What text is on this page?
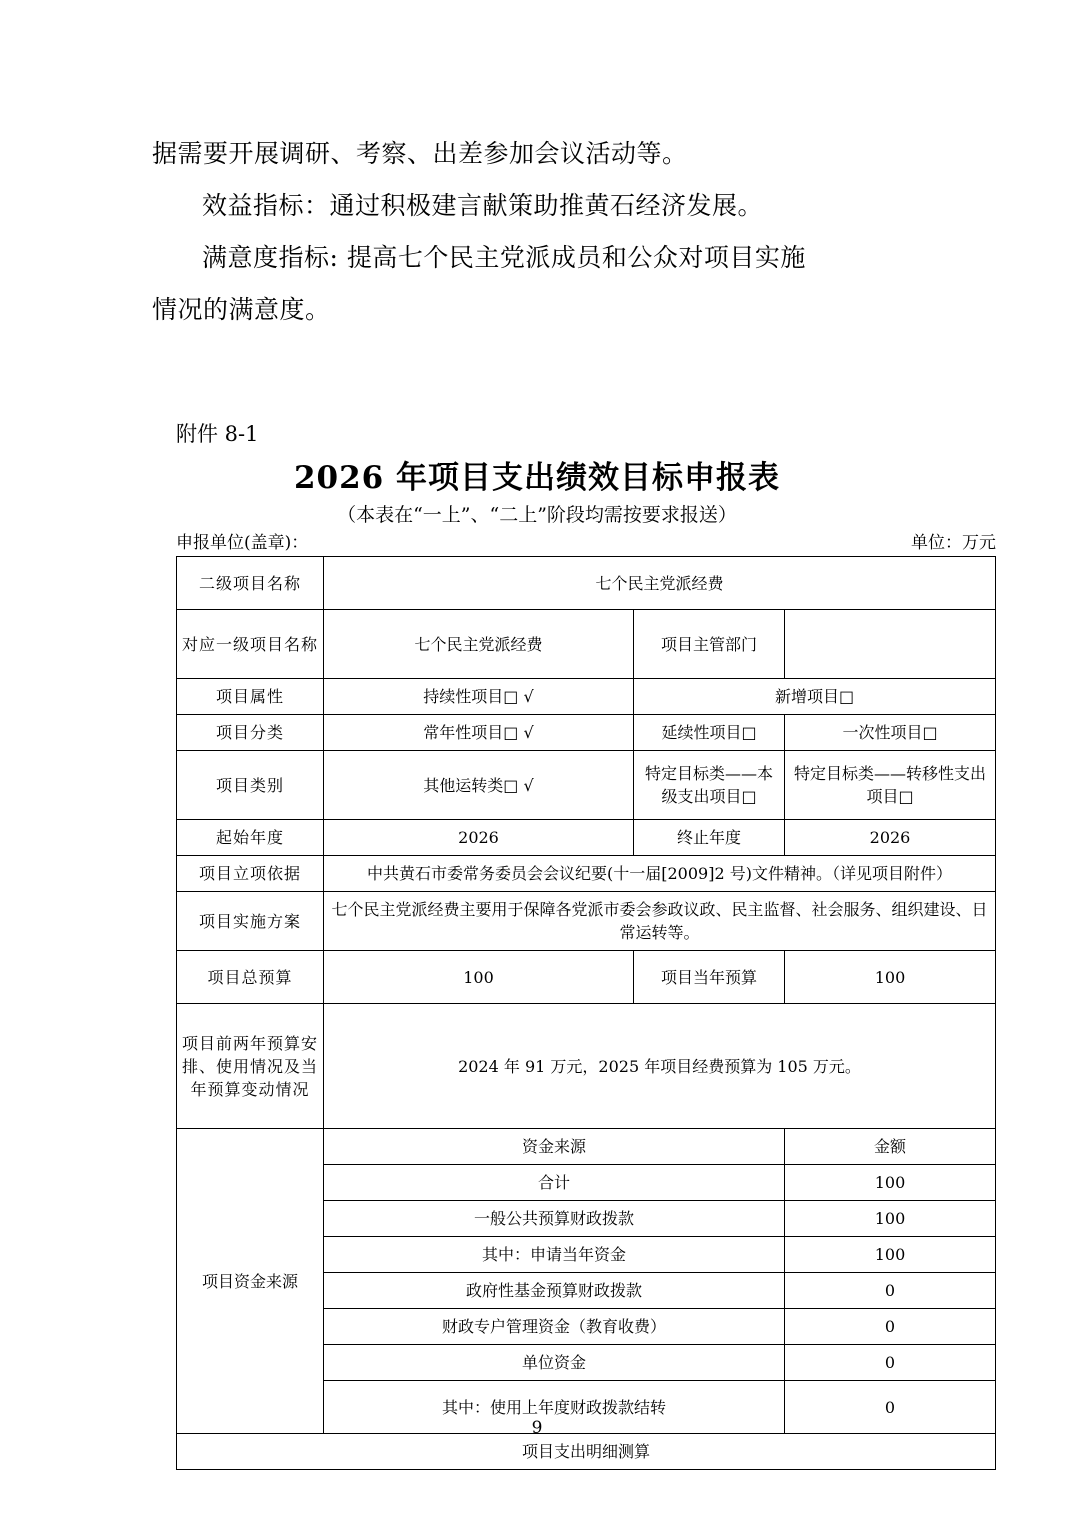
据需要开展调研、考察、出差参加会议活动等。

效益指标：通过积极建言献策助推黄石经济发展。

满意度指标: 提高七个民主党派成员和公众对项目实施

情况的满意度。

附件 8-1
2026 年项目支出绩效目标申报表
（本表在“一上”、“二上”阶段均需按要求报送）
申报单位(盖章)：	单位：万元
二级项目名称	七个民主党派经费		
对应一级项目名称	七个民主党派经费	项目主管部门	
项目属性	持续性项目□ √	新增项目□	
项目分类	常年性项目□ √	延续性项目□	一次性项目□
项目类别	其他运转类□ √	特定目标类——本级支出项目□	特定目标类——转移性支出项目□
起始年度	2026	终止年度	2026
项目立项依据	中共黄石市委常务委员会会议纪要(十一届[2009]2 号)文件精神。（详见项目附件）		
项目实施方案	七个民主党派经费主要用于保障各党派市委会参政议政、民主监督、社会服务、组织建设、日常运转等。		
项目总预算	100	项目当年预算	100
项目前两年预算安排、使用情况及当年预算变动情况	2024 年 91 万元，2025 年项目经费预算为 105 万元。		
项目资金来源	资金来源		金额
	合计		100
	一般公共预算财政拨款		100
	其中：申请当年资金		100
	政府性基金预算财政拨款		0
	财政专户管理资金（教育收费）		0
	单位资金		0
	其中：使用上年度财政拨款结转		0
项目支出明细测算			
9
